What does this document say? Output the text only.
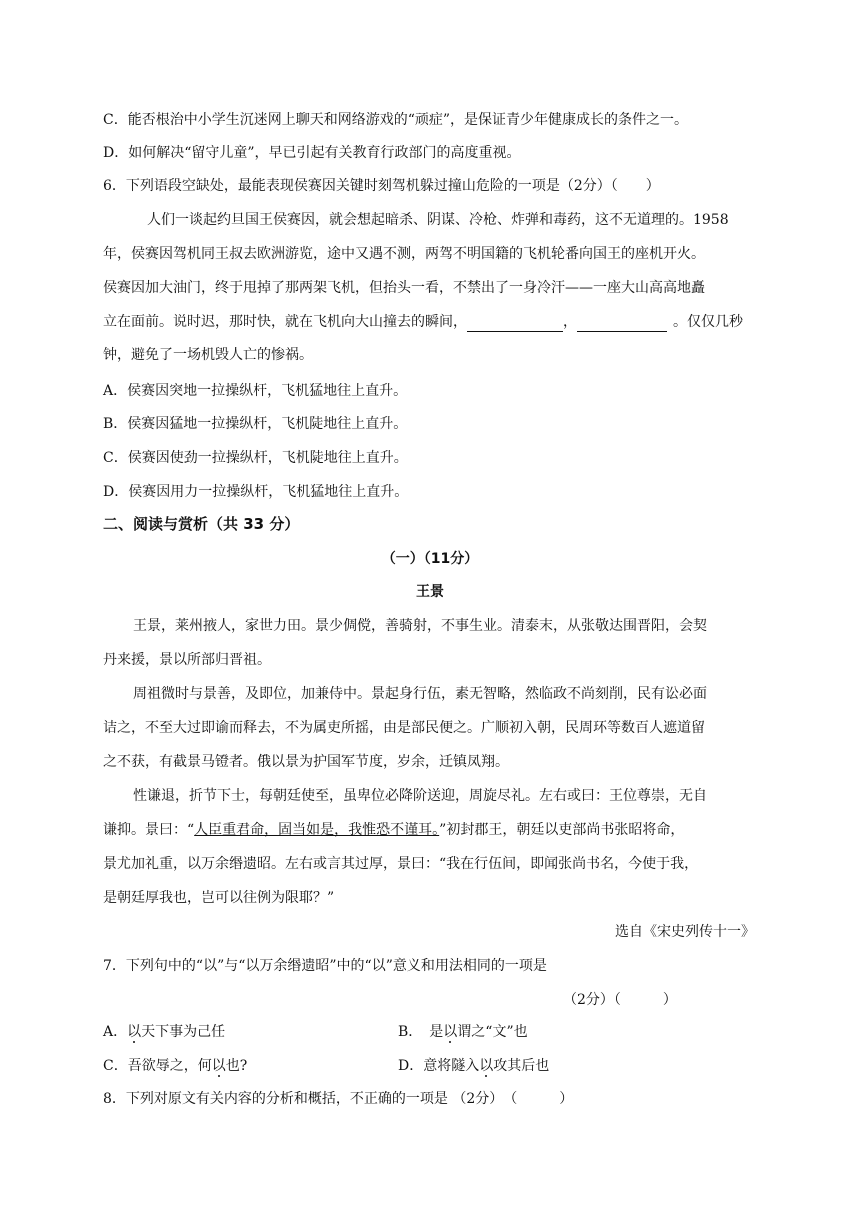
C．能否根治中小学生沉迷网上聊天和网络游戏的“顽症”，是保证青少年健康成长的条件之一。
D．如何解决“留守儿童”，早已引起有关教育行政部门的高度重视。
6．下列语段空缺处，最能表现侯赛因关键时刻驾机躲过撞山危险的一项是（2分）（　　）
人们一谈起约旦国王侯赛因，就会想起暗杀、阴谋、冷枪、炸弹和毒药，这不无道理的。1958
年，侯赛因驾机同王叔去欧洲游览，途中又遇不测，两驾不明国籍的飞机轮番向国王的座机开火。
侯赛因加大油门，终于甩掉了那两架飞机，但抬头一看，不禁出了一身冷汗——一座大山高高地矗
立在面前。说时迟，那时快，就在飞机向大山撞去的瞬间，	，	。仅仅几秒
钟，避免了一场机毁人亡的惨祸。
A．侯赛因突地一拉操纵杆，飞机猛地往上直升。
B．侯赛因猛地一拉操纵杆，飞机陡地往上直升。
C．侯赛因使劲一拉操纵杆，飞机陡地往上直升。
D．侯赛因用力一拉操纵杆，飞机猛地往上直升。
二、阅读与赏析（共 33 分）
（一）（11分）
王景
王景，莱州掖人，家世力田。景少倜傥，善骑射，不事生业。清泰末，从张敬达围晋阳，会契
丹来援，景以所部归晋祖。
周祖微时与景善，及即位，加兼侍中。景起身行伍，素无智略，然临政不尚刻削，民有讼必面
诘之，不至大过即谕而释去，不为属吏所摇，由是部民便之。广顺初入朝，民周环等数百人遮道留
之不获，有截景马镫者。俄以景为护国军节度，岁余，迁镇凤翔。
性谦退，折节下士，每朝廷使至，虽卑位必降阶送迎，周旋尽礼。左右或曰：王位尊崇，无自
谦抑。景曰：“人臣重君命，固当如是，我惟恐不谨耳。”初封郡王，朝廷以吏部尚书张昭将命，
景尤加礼重，以万余缗遗昭。左右或言其过厚，景曰：“我在行伍间，即闻张尚书名，今使于我，
是朝廷厚我也，岂可以往例为限耶？”
选自《宋史列传十一》
7．下列句中的“以”与“以万余缗遗昭”中的“以”意义和用法相同的一项是
（2分）（　　　）
A．以天下事为己任	B．　是以谓之“文”也
C．吾欲辱之，何以也?	D．意将隧入以攻其后也
8．下列对原文有关内容的分析和概括，不正确的一项是 （2分）　（　　　）
